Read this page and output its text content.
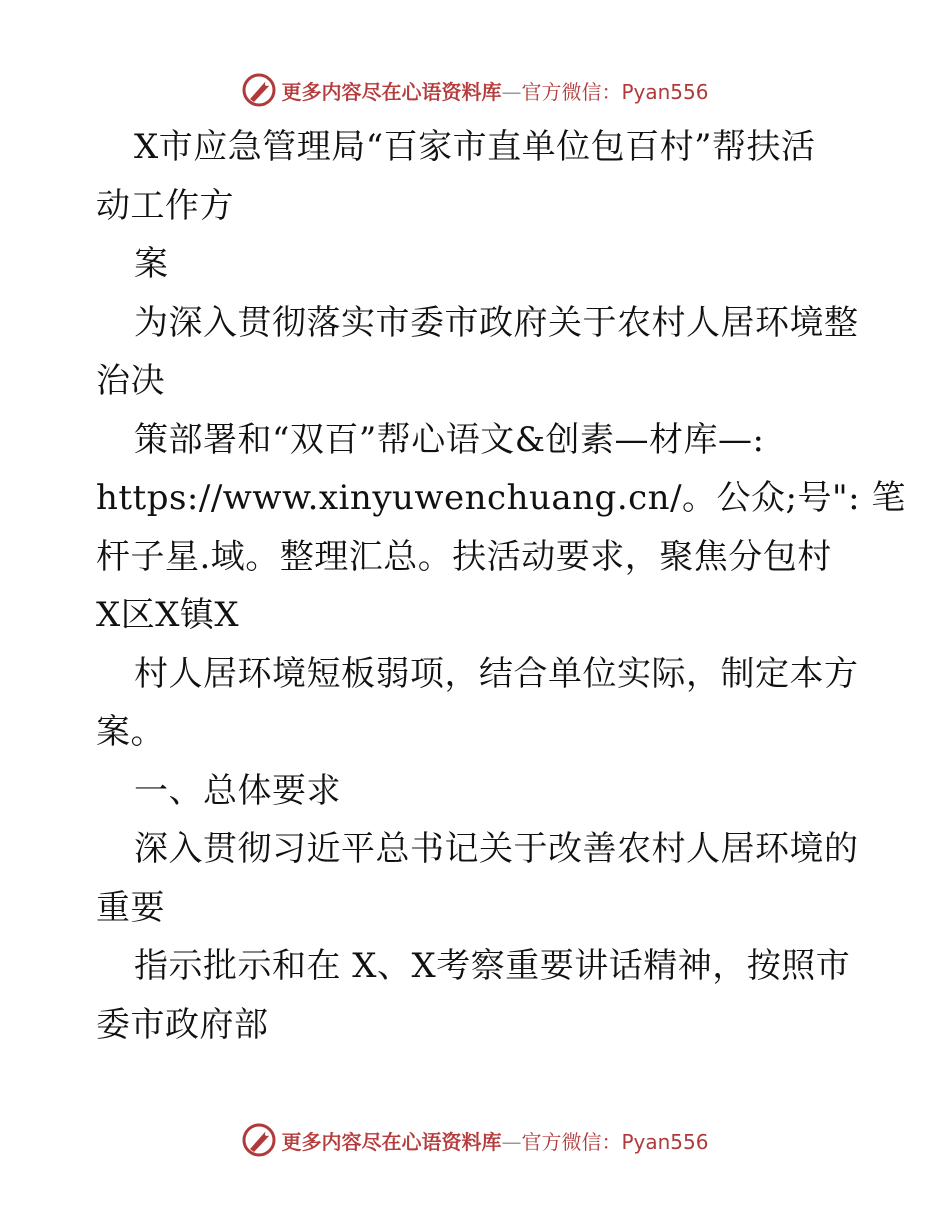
更多内容尽在心语资料库—官方微信：Pyan556
X市应急管理局“百家市直单位包百村”帮扶活
动工作方
案
为深入贯彻落实市委市政府关于农村人居环境整
治决
策部署和“双百”帮心语文&创素—材库—:
https://www.xinyuwenchuang.cn/。公众;号": 笔
杆子星.域。整理汇总。扶活动要求，聚焦分包村
X区X镇X
村人居环境短板弱项，结合单位实际，制定本方
案。
一、总体要求
深入贯彻习近平总书记关于改善农村人居环境的
重要
指示批示和在 X、X考察重要讲话精神，按照市
委市政府部
更多内容尽在心语资料库—官方微信：Pyan556
